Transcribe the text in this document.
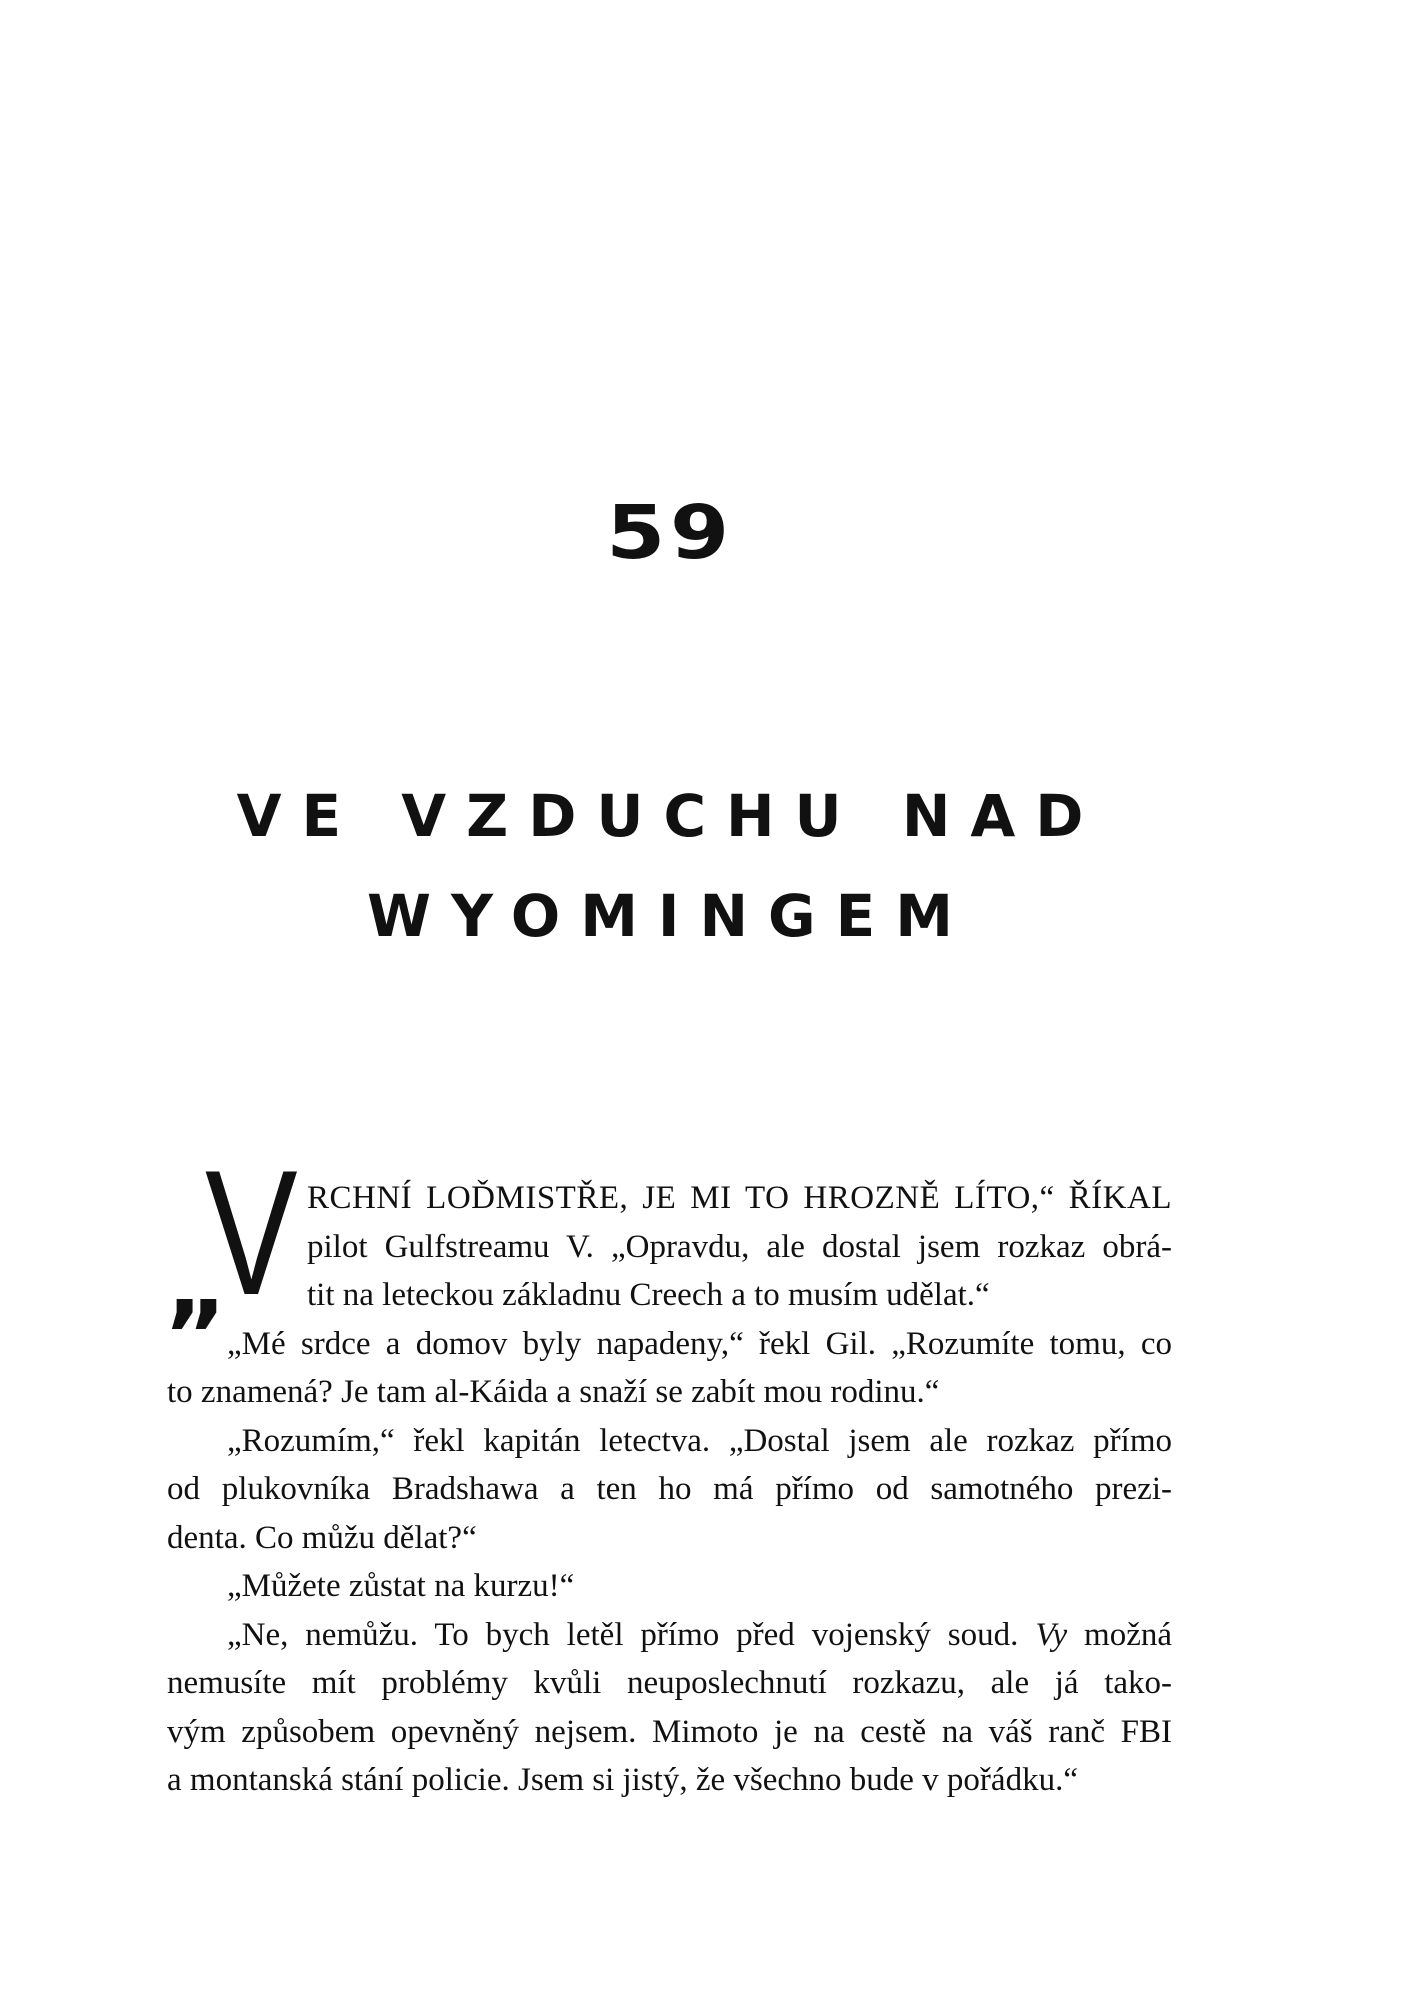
59
VE VZDUCHU NAD
WYOMINGEM
„
V RCHNÍ LOĎMISTŘE, JE MI TO HROZNĚ LÍTO,“ ŘÍKAL
pilot Gulfstreamu V. „Opravdu, ale dostal jsem rozkaz obrá-
tit na leteckou základnu Creech a to musím udělat.“
„Mé srdce a domov byly napadeny,“ řekl Gil. „Rozumíte tomu, co
to znamená? Je tam al-Káida a snaží se zabít mou rodinu.“
„Rozumím,“ řekl kapitán letectva. „Dostal jsem ale rozkaz přímo
od plukovníka Bradshawa a ten ho má přímo od samotného prezi-
denta. Co můžu dělat?“
„Můžete zůstat na kurzu!“
„Ne, nemůžu. To bych letěl přímo před vojenský soud. Vy možná
nemusíte mít problémy kvůli neuposlechnutí rozkazu, ale já tako-
vým způsobem opevněný nejsem. Mimoto je na cestě na váš ranč FBI
a montanská stání policie. Jsem si jistý, že všechno bude v pořádku.“
